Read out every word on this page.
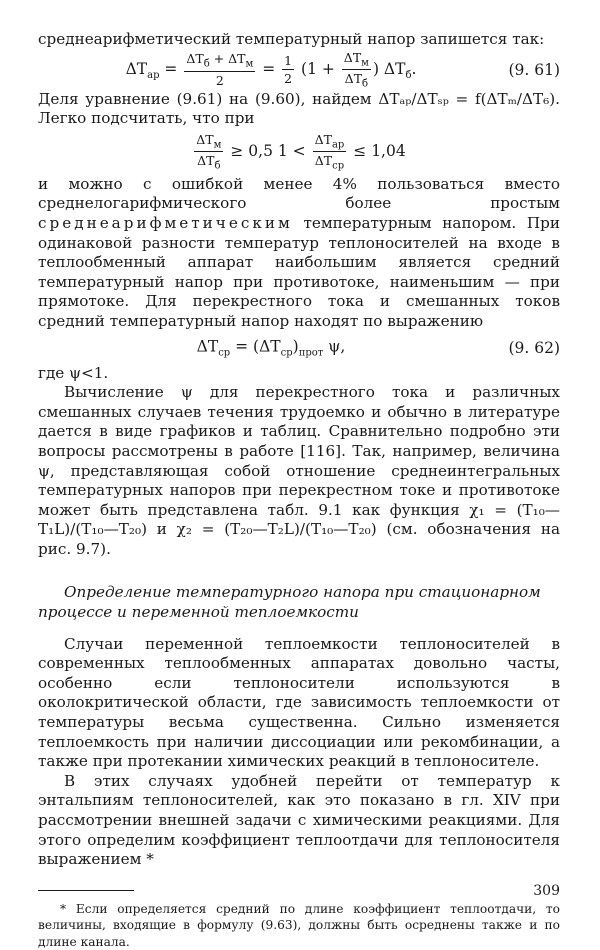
среднеарифметический температурный напор запишется так:

$\Delta T_{ар} = \frac{\Delta T_б + \Delta T_м}{2} = \frac{1}{2} (1 + \frac{\Delta T_м}{\Delta T_б}$ ) $\Delta T_б$.	(9. 61)

Деля уравнение (9.61) на (9.60), найдем ΔTₐₚ/ΔTₛₚ = f(ΔTₘ/ΔT₆). Легко подсчитать, что при

$\frac{\Delta T_м}{\Delta T_б} \ge 0,5$ $1 < \frac{\Delta T_{ар}}{\Delta T_{ср}} \le 1,04$

и можно с ошибкой менее 4% пользоваться вместо среднелогарифмического более простым среднеарифметическим температурным напором. При одинаковой разности температур теплоносителей на входе в теплообменный аппарат наибольшим является средний температурный напор при противотоке, наименьшим — при прямотоке. Для перекрестного тока и смешанных токов средний температурный напор находят по выражению

$\Delta T_{ср} = (\Delta T_{ср})_{прот}$ ψ,	(9. 62)

где ψ<1.

Вычисление ψ для перекрестного тока и различных смешанных случаев течения трудоемко и обычно в литературе дается в виде графиков и таблиц. Сравнительно подробно эти вопросы рассмотрены в работе [116]. Так, например, величина ψ, представляющая собой отношение среднеинтегральных температурных напоров при перекрестном токе и противотоке может быть представлена табл. 9.1 как функция χ₁ = (T₁₀—T₁L)/(T₁₀—T₂₀) и χ₂ = (T₂₀—T₂L)/(T₁₀—T₂₀) (см. обозначения на рис. 9.7).

Определение температурного напора при стационарном процессе и переменной теплоемкости

Случаи переменной теплоемкости теплоносителей в современных теплообменных аппаратах довольно часты, особенно если теплоносители используются в околокритической области, где зависимость теплоемкости от температуры весьма существенна. Сильно изменяется теплоемкость при наличии диссоциации или рекомбинации, а также при протекании химических реакций в теплоносителе.

В этих случаях удобней перейти от температур к энтальпиям теплоносителей, как это показано в гл. XIV при рассмотрении внешней задачи с химическими реакциями. Для этого определим коэффициент теплоотдачи для теплоносителя выражением *

* Если определяется средний по длине коэффициент теплоотдачи, то величины, входящие в формулу (9.63), должны быть осреднены также и по длине канала.

309
